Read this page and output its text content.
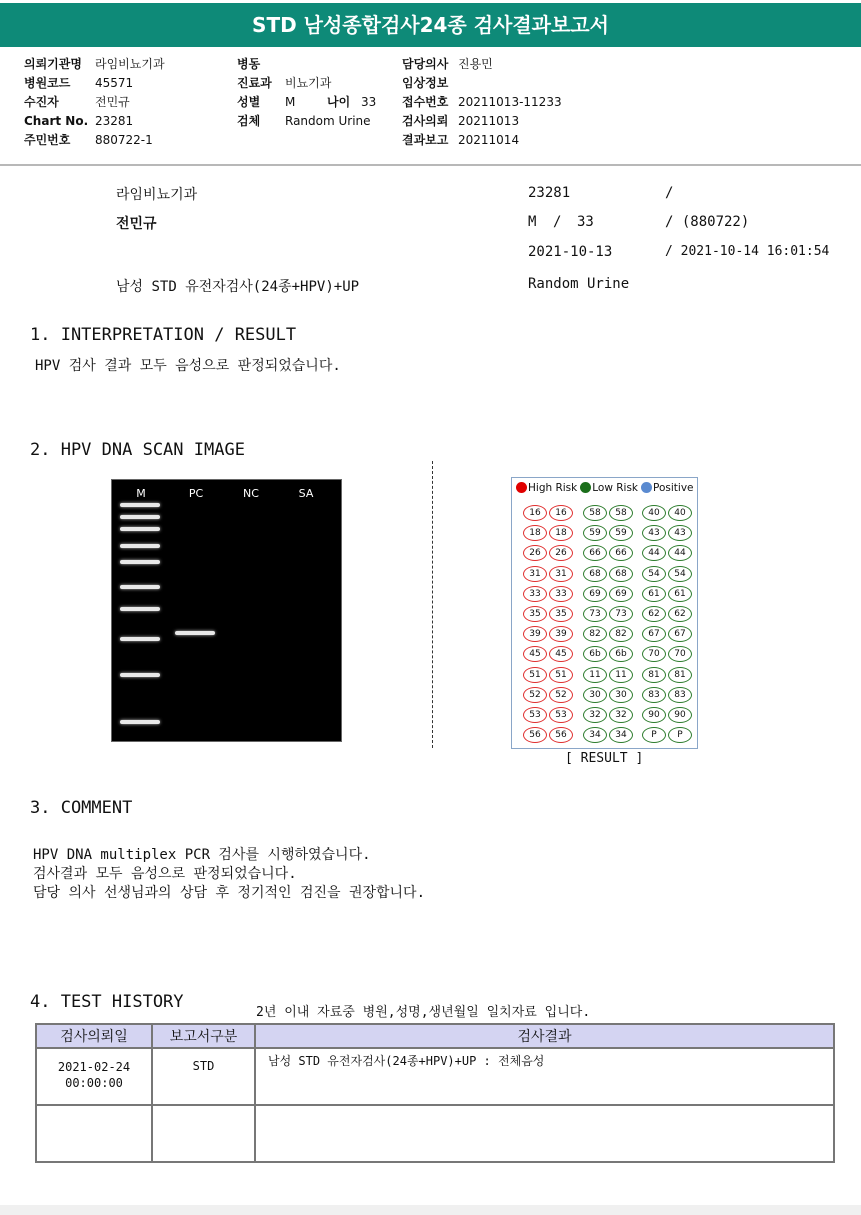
STD 남성종합검사24종 검사결과보고서
의뢰기관명	라임비뇨기과
병원코드	45571
수진자	전민규
Chart No. 23281
주민번호	880722-1
병동
진료과	비뇨기과
성별	M	나이 33
검체	Random Urine
담당의사 진용민
임상정보
접수번호 20211013-11233
검사의뢰 20211013
결과보고 20211014
라임비뇨기과
전민규
남성 STD 유전자검사(24종+HPV)+UP
23281	/
M / 33	/ (880722)
2021-10-13	/ 2021-10-14 16:01:54
Random Urine
1. INTERPRETATION / RESULT
HPV 검사 결과 모두 음성으로 판정되었습니다.
2. HPV DNA SCAN IMAGE
M	PC	NC	SA	High Risk	Low Risk	Positive
16	16	58	58	40	40
18	18	59	59	43	43
26	26	66	66	44	44
31	31	68	68	54	54
33	33	69	69	61	61
35	35	73	73	62	62
39	39	82	82	67	67
45	45	6b	6b	70	70
51	51	11	11	81	81
52	52	30	30	83	83
53	53	32	32	90	90
56	56	34	34	P	P
[ RESULT ]
3. COMMENT
HPV DNA multiplex PCR 검사를 시행하였습니다.
검사결과 모두 음성으로 판정되었습니다.
담당 의사 선생님과의 상담 후 정기적인 검진을 권장합니다.
4. TEST HISTORY
2년 이내 자료중 병원,성명,생년월일 일치자료 입니다.
검사의뢰일	보고서구분	검사결과

2021-02-24
00:00:00	STD	남성 STD 유전자검사(24종+HPV)+UP : 전체음성
